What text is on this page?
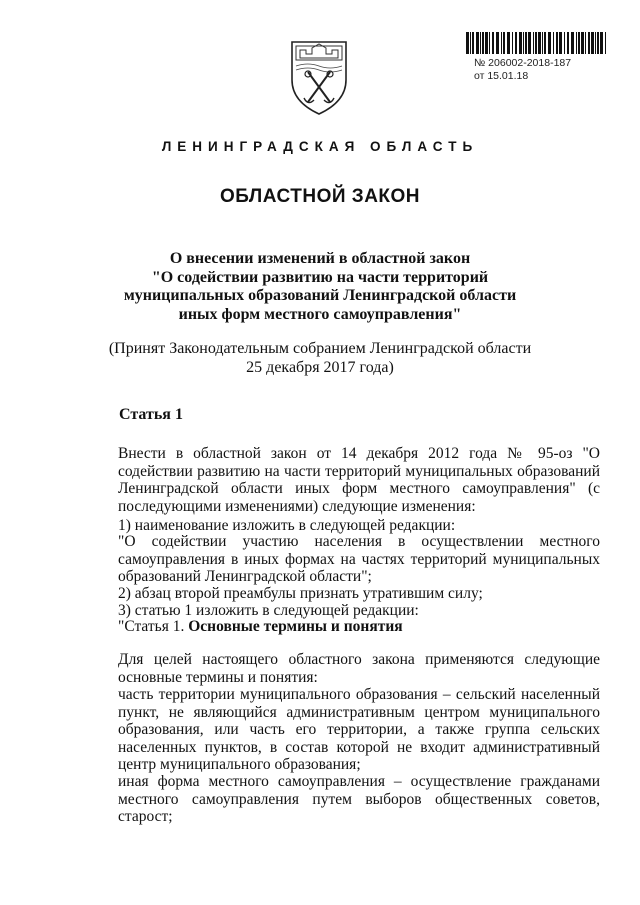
№ 206002-2018-187
от 15.01.18
ЛЕНИНГРАДСКАЯ ОБЛАСТЬ
ОБЛАСТНОЙ ЗАКОН
О внесении изменений в областной закон
"О содействии развитию на части территорий
муниципальных образований Ленинградской области
иных форм местного самоуправления"
(Принят Законодательным собранием Ленинградской области
25 декабря 2017 года)
Статья 1
Внести в областной закон от 14 декабря 2012 года № 95-оз "О содействии развитию на части территорий муниципальных образований Ленинградской области иных форм местного самоуправления" (с последующими изменениями) следующие изменения:
1) наименование изложить в следующей редакции:
"О содействии участию населения в осуществлении местного самоуправления в иных формах на частях территорий муниципальных образований Ленинградской области";
2) абзац второй преамбулы признать утратившим силу;
3) статью 1 изложить в следующей редакции:
"Статья 1. Основные термины и понятия
Для целей настоящего областного закона применяются следующие основные термины и понятия:
часть территории муниципального образования – сельский населенный пункт, не являющийся административным центром муниципального образования, или часть его территории, а также группа сельских населенных пунктов, в состав которой не входит административный центр муниципального образования;
иная форма местного самоуправления – осуществление гражданами местного самоуправления путем выборов общественных советов, старост;
